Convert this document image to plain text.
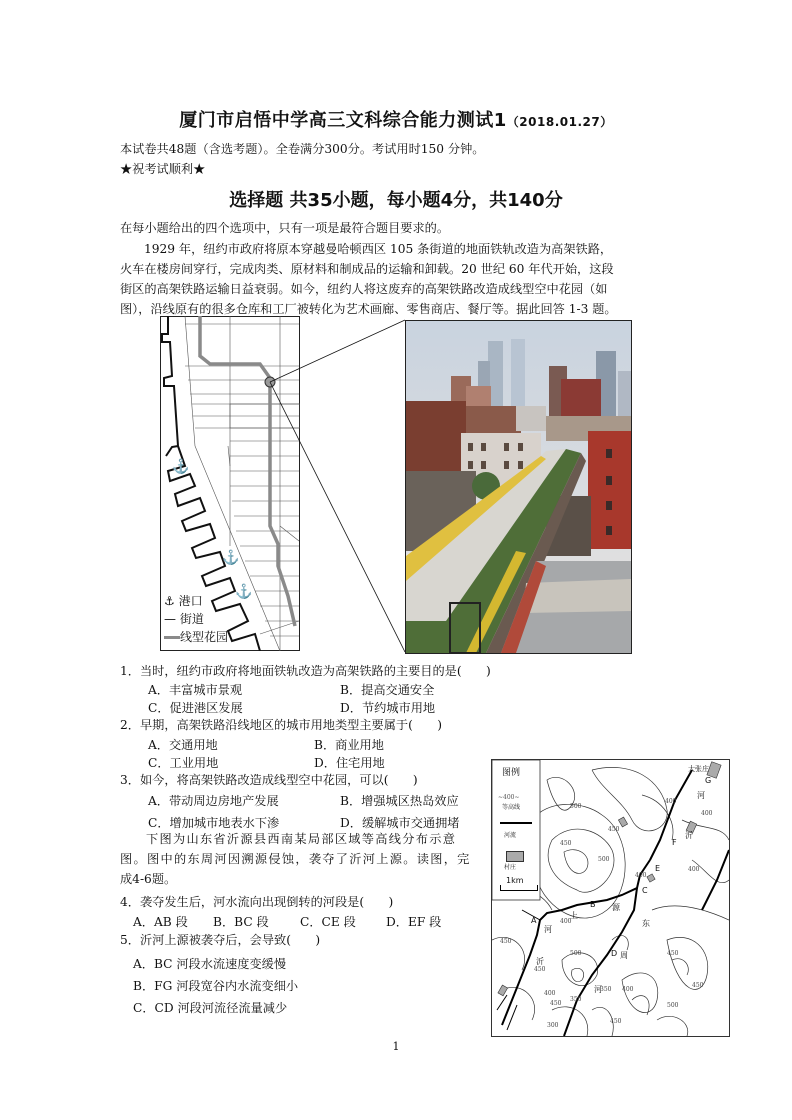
厦门市启悟中学高三文科综合能力测试1（2018.01.27）
本试卷共48题（含选考题）。全卷满分300分。考试用时150 分钟。
★祝考试顺利★
选择题 共35小题，每小题4分，共140分
在每小题给出的四个选项中，只有一项是最符合题目要求的。
1929 年，纽约市政府将原本穿越曼哈顿西区 105 条街道的地面铁轨改造为高架铁路，
火车在楼房间穿行，完成肉类、原材料和制成品的运输和卸载。20 世纪 60 年代开始，这段
街区的高架铁路运输日益衰弱。如今，纽约人将这废弃的高架铁路改造成线型空中花园（如
图），沿线原有的很多仓库和工厂被转化为艺术画廊、零售商店、餐厅等。据此回答 1-3 题。
⚓
⚓
⚓
⚓ 港口
— 街道
线型花园
1．当时，纽约市政府将地面铁轨改造为高架铁路的主要目的是(　　)
A．丰富城市景观	B．提高交通安全
C．促进港区发展	D．节约城市用地
2．早期，高架铁路沿线地区的城市用地类型主要属于(　　)
A．交通用地	B．商业用地
C．工业用地	D．住宅用地
3．如今，将高架铁路改造成线型空中花园，可以(　　)
A．带动周边房地产发展	B．增强城区热岛效应
C．增加城市地表水下渗	D．缓解城市交通拥堵
下图为山东省沂源县西南某局部区域等高线分布示意
图。图中的东周河因溯源侵蚀，袭夺了沂河上源。读图，完
成4-6题。
4．袭夺发生后，河水流向出现倒转的河段是(　　)
A．AB 段 B．BC 段	C．CE 段 D．EF 段
5．沂河上源被袭夺后，会导致(　　)
A．BC 河段水流速度变缓慢
B．FG 河段宽谷内水流变细小
C．CD 河段河流径流量减少
图例
~400~
等高线
河流
村庄
1km
大张庄
G
F
E
C
B
A
D
河
沂
源
上
河
沂
东
周
河
500
450
450
500
400
400
400
400
450
450
500
400
450
450
400
450
350
400
350
500
300
450
1
